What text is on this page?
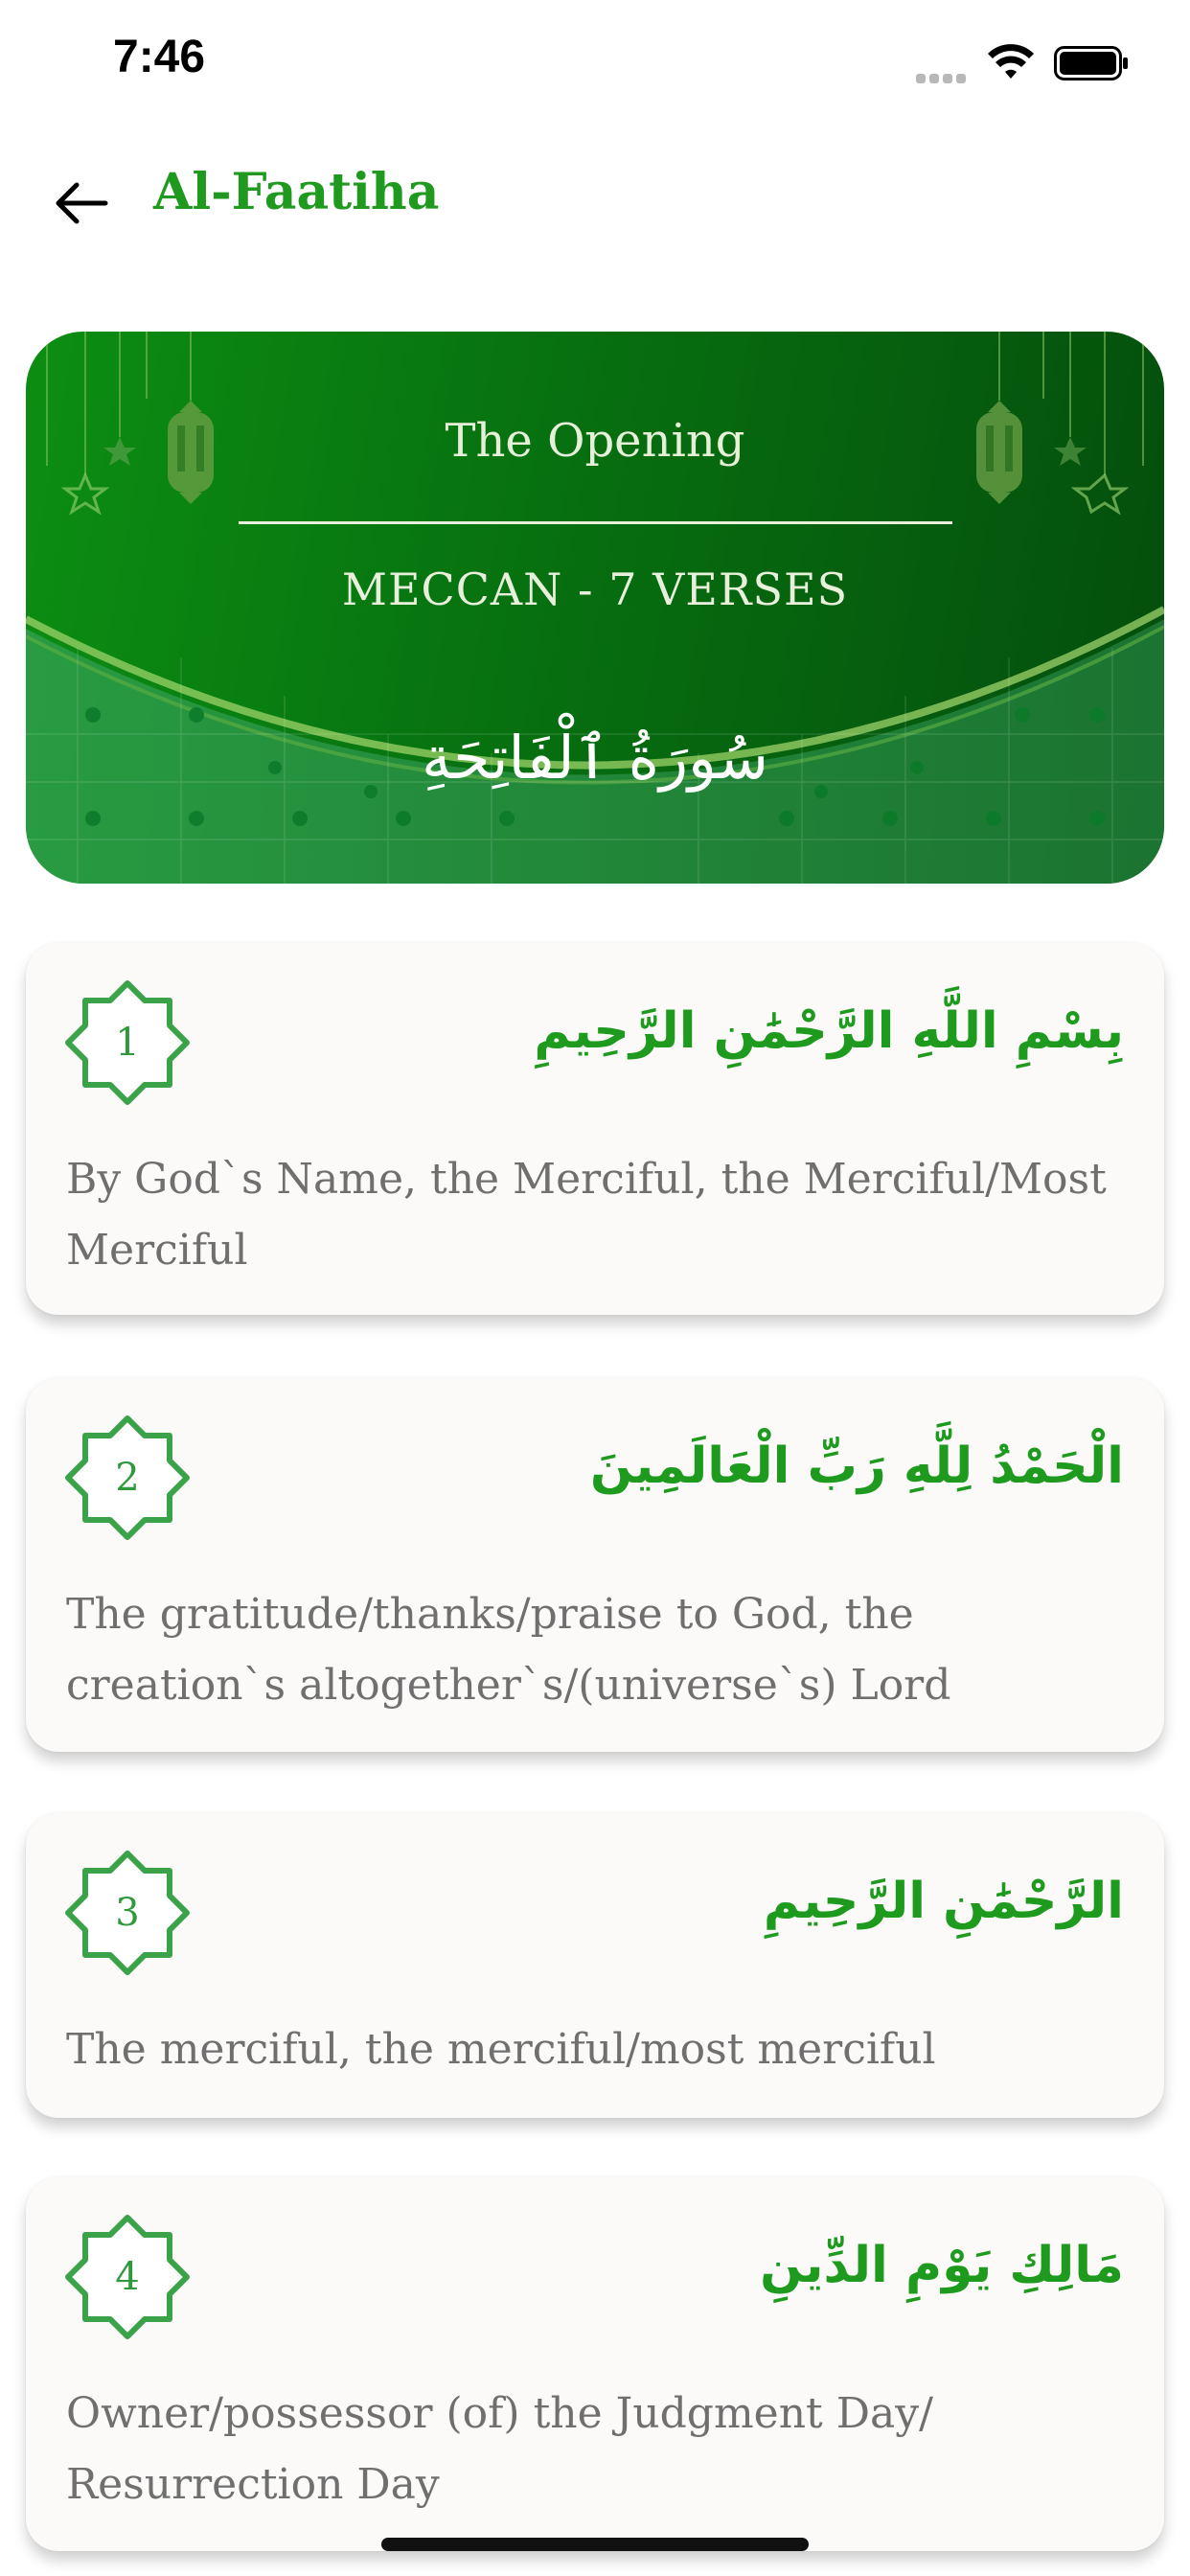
7:46
Al-Faatiha
The Opening
MECCAN - 7 VERSES
سُورَةُ ٱلْفَاتِحَةِ
1	بِسْمِ اللَّهِ الرَّحْمَٰنِ الرَّحِيمِ
By God`s Name, the Merciful, the Merciful/Most Merciful
2	الْحَمْدُ لِلَّهِ رَبِّ الْعَالَمِينَ
The gratitude/thanks/praise to God, the creation`s altogether`s/(universe`s) Lord
3	الرَّحْمَٰنِ الرَّحِيمِ
The merciful, the merciful/most merciful
4	مَالِكِ يَوْمِ الدِّينِ
Owner/possessor (of) the Judgment Day/ Resurrection Day
